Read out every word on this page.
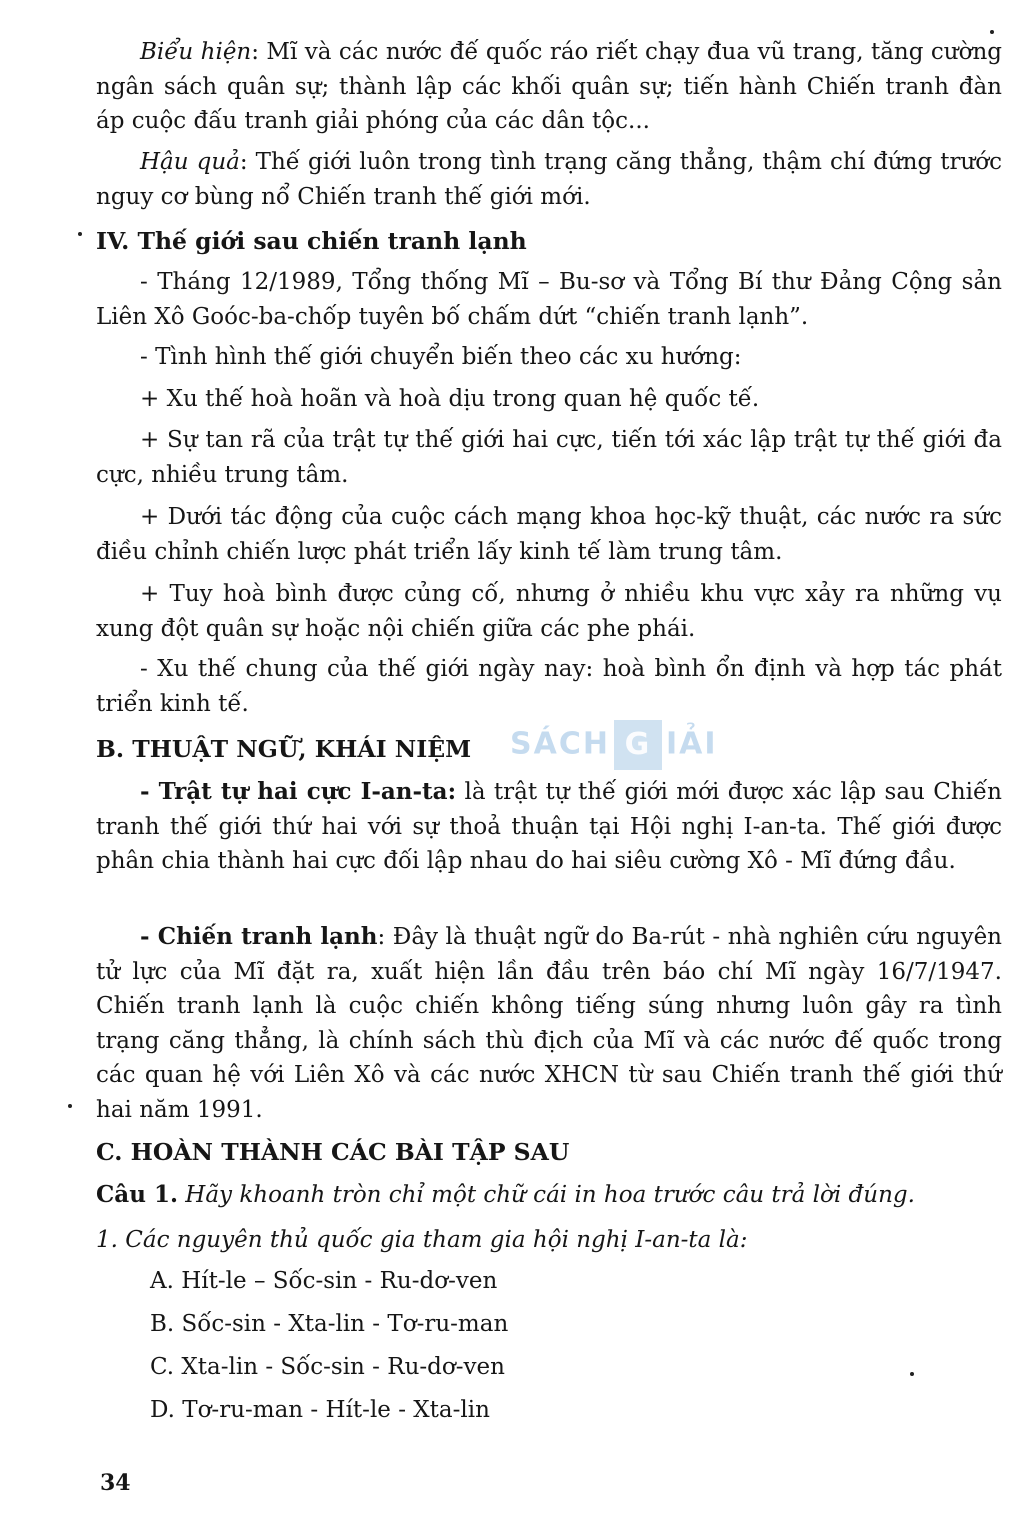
Biểu hiện: Mĩ và các nước đế quốc ráo riết chạy đua vũ trang, tăng cường ngân sách quân sự; thành lập các khối quân sự; tiến hành Chiến tranh đàn áp cuộc đấu tranh giải phóng của các dân tộc...

Hậu quả: Thế giới luôn trong tình trạng căng thẳng, thậm chí đứng trước nguy cơ bùng nổ Chiến tranh thế giới mới.

IV. Thế giới sau chiến tranh lạnh

- Tháng 12/1989, Tổng thống Mĩ – Bu-sơ và Tổng Bí thư Đảng Cộng sản Liên Xô Goóc-ba-chốp tuyên bố chấm dứt “chiến tranh lạnh”.

- Tình hình thế giới chuyển biến theo các xu hướng:

+ Xu thế hoà hoãn và hoà dịu trong quan hệ quốc tế.

+ Sự tan rã của trật tự thế giới hai cực, tiến tới xác lập trật tự thế giới đa cực, nhiều trung tâm.

+ Dưới tác động của cuộc cách mạng khoa học-kỹ thuật, các nước ra sức điều chỉnh chiến lược phát triển lấy kinh tế làm trung tâm.

+ Tuy hoà bình được củng cố, nhưng ở nhiều khu vực xảy ra những vụ xung đột quân sự hoặc nội chiến giữa các phe phái.

- Xu thế chung của thế giới ngày nay: hoà bình ổn định và hợp tác phát triển kinh tế.

B. THUẬT NGỮ, KHÁI NIỆM

- Trật tự hai cực I-an-ta: là trật tự thế giới mới được xác lập sau Chiến tranh thế giới thứ hai với sự thoả thuận tại Hội nghị I-an-ta. Thế giới được phân chia thành hai cực đối lập nhau do hai siêu cường Xô - Mĩ đứng đầu.

- Chiến tranh lạnh: Đây là thuật ngữ do Ba-rút - nhà nghiên cứu nguyên tử lực của Mĩ đặt ra, xuất hiện lần đầu trên báo chí Mĩ ngày 16/7/1947. Chiến tranh lạnh là cuộc chiến không tiếng súng nhưng luôn gây ra tình trạng căng thẳng, là chính sách thù địch của Mĩ và các nước đế quốc trong các quan hệ với Liên Xô và các nước XHCN từ sau Chiến tranh thế giới thứ hai năm 1991.

C. HOÀN THÀNH CÁC BÀI TẬP SAU

Câu 1. Hãy khoanh tròn chỉ một chữ cái in hoa trước câu trả lời đúng.

1. Các nguyên thủ quốc gia tham gia hội nghị I-an-ta là:

A. Hít-le – Sốc-sin - Ru-dơ-ven

B. Sốc-sin - Xta-lin - Tơ-ru-man

C. Xta-lin - Sốc-sin - Ru-dơ-ven

D. Tơ-ru-man - Hít-le - Xta-lin

SÁCH G IẢI
34
